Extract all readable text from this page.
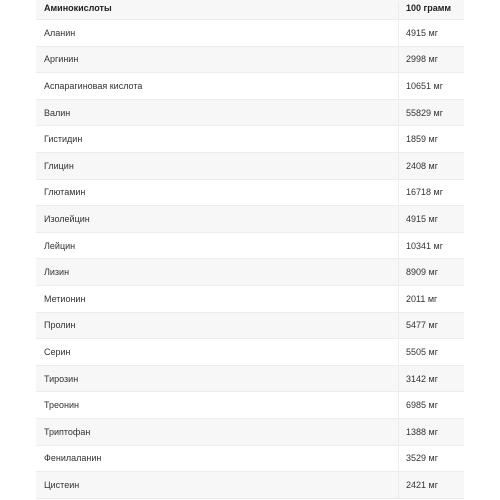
Аминокислоты	100 грамм
Аланин	4915 мг
Аргинин	2998 мг
Аспарагиновая кислота	10651 мг
Валин	55829 мг
Гистидин	1859 мг
Глицин	2408 мг
Глютамин	16718 мг
Изолейцин	4915 мг
Лейцин	10341 мг
Лизин	8909 мг
Метионин	2011 мг
Пролин	5477 мг
Серин	5505 мг
Тирозин	3142 мг
Треонин	6985 мг
Триптофан	1388 мг
Фенилаланин	3529 мг
Цистеин	2421 мг
